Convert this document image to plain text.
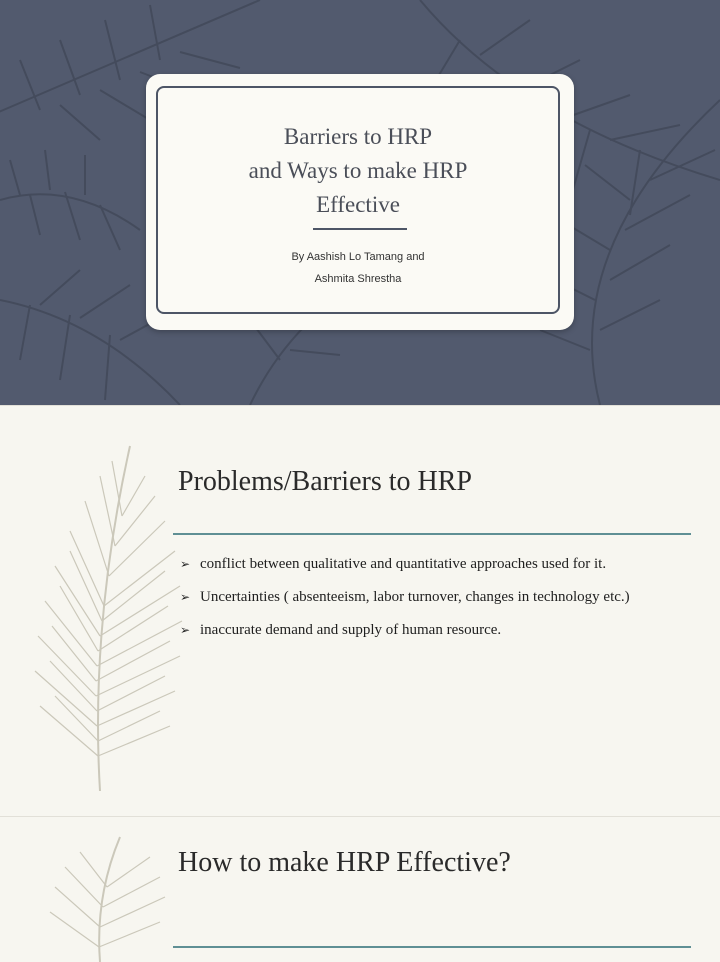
Barriers to HRP
and Ways to make HRP
Effective
By Aashish Lo Tamang and
Ashmita Shrestha
Problems/Barriers to HRP
➢ conflict between qualitative and quantitative approaches used for it.
➢ Uncertainties ( absenteeism, labor turnover, changes in technology etc.)
➢ inaccurate demand and supply of human resource.
How to make HRP Effective?
